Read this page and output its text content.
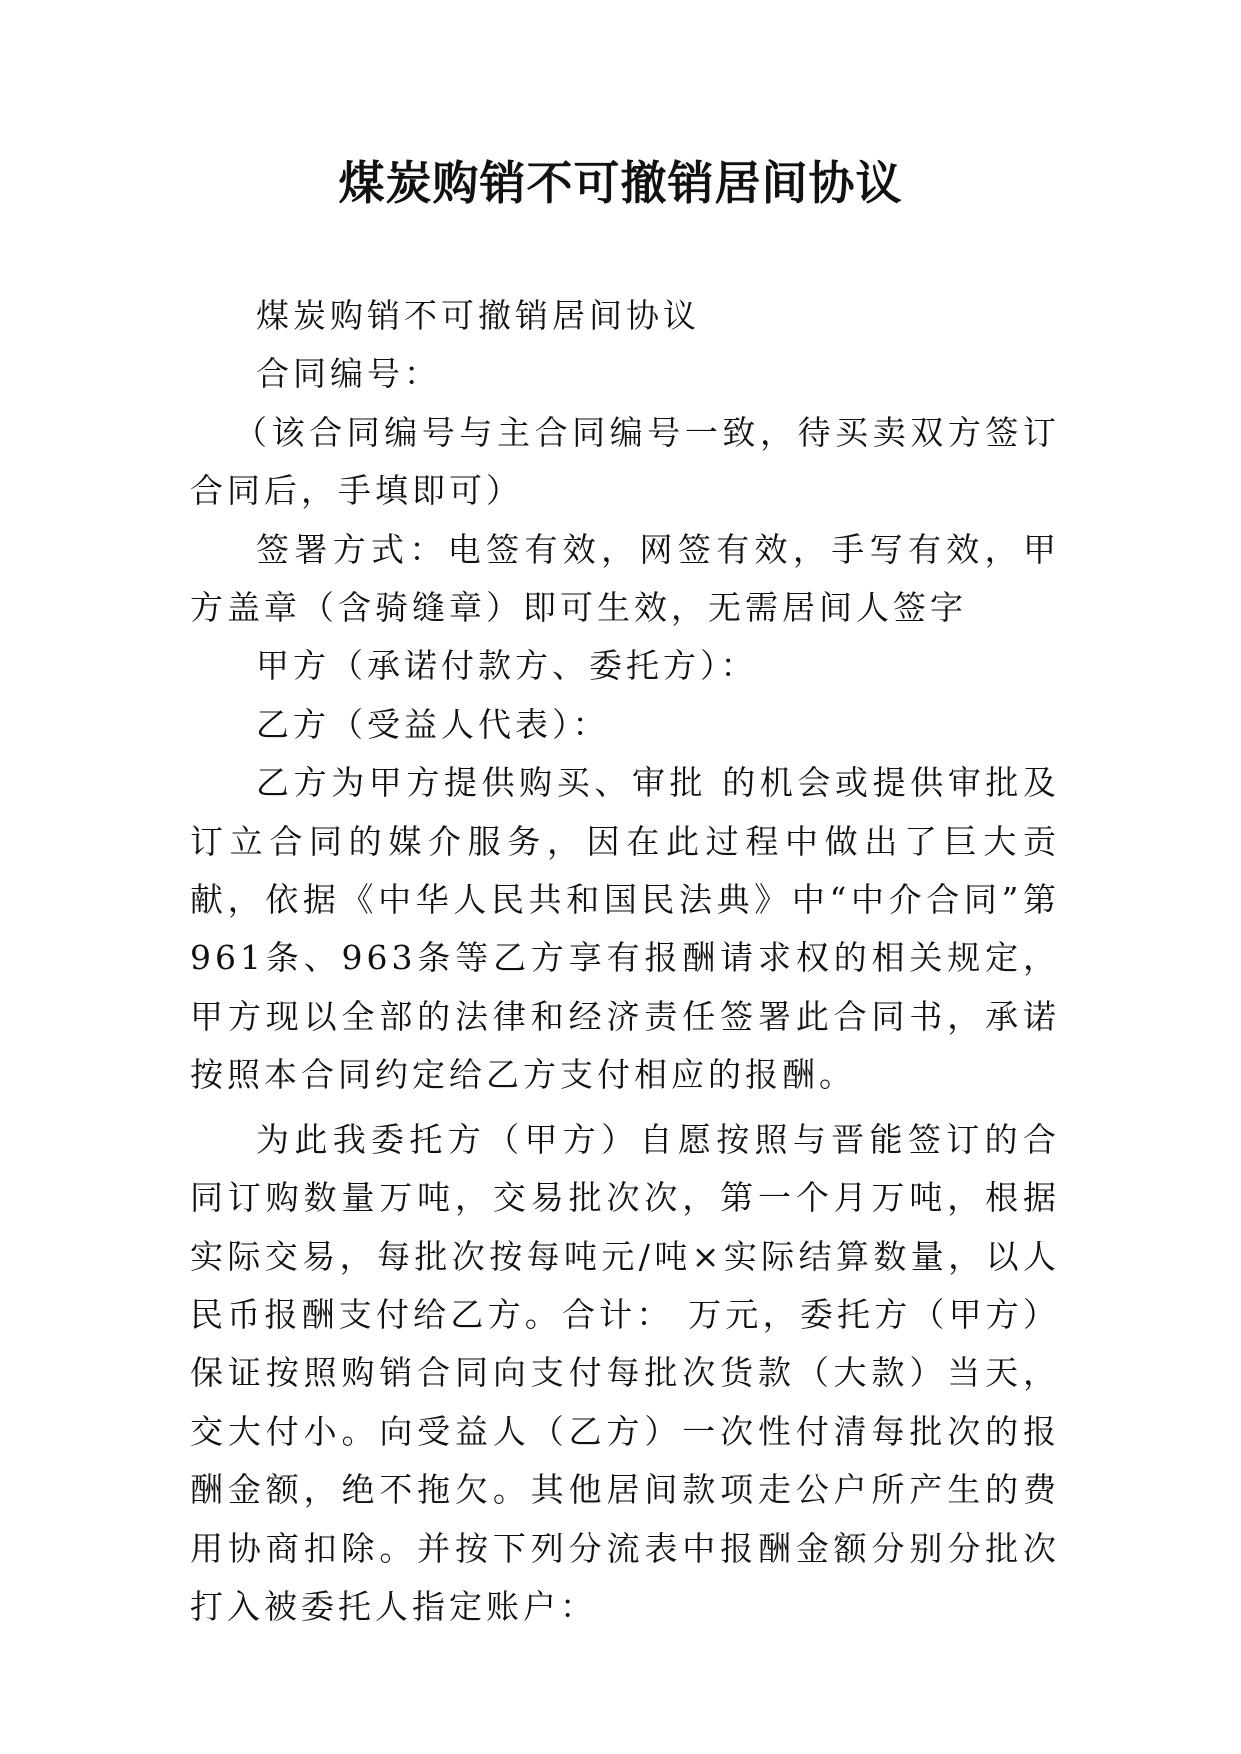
煤炭购销不可撤销居间协议

煤炭购销不可撤销居间协议

合同编号：

（该合同编号与主合同编号一致，待买卖双方签订合同后，手填即可）

签署方式：电签有效，网签有效，手写有效，甲方盖章（含骑缝章）即可生效，无需居间人签字

甲方（承诺付款方、委托方）：

乙方（受益人代表）：

乙方为甲方提供购买、审批 的机会或提供审批及订立合同的媒介服务，因在此过程中做出了巨大贡献，依据《中华人民共和国民法典》中“中介合同”第961条、963条等乙方享有报酬请求权的相关规定，甲方现以全部的法律和经济责任签署此合同书，承诺按照本合同约定给乙方支付相应的报酬。

为此我委托方（甲方）自愿按照与晋能签订的合同订购数量万吨，交易批次次，第一个月万吨，根据实际交易，每批次按每吨元/吨×实际结算数量，以人民币报酬支付给乙方。合计： 万元，委托方（甲方）保证按照购销合同向支付每批次货款（大款）当天，交大付小。向受益人（乙方）一次性付清每批次的报酬金额，绝不拖欠。其他居间款项走公户所产生的费用协商扣除。并按下列分流表中报酬金额分别分批次打入被委托人指定账户：
